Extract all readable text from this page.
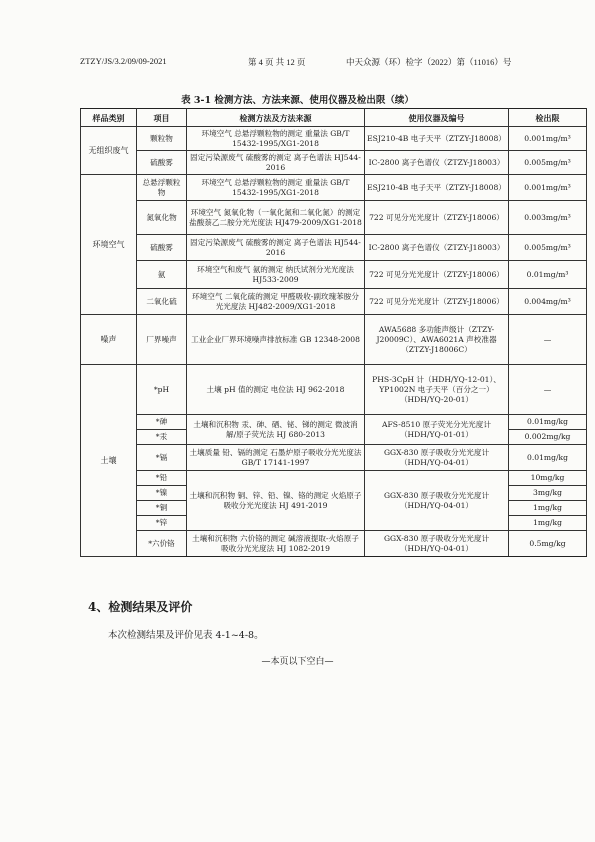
ZTZY/JS/3.2/09/09-2021	第 4 页 共 12 页	中天众源（环）检字（2022）第（11016）号
表 3-1 检测方法、方法来源、使用仪器及检出限（续）
样品类别	项目	检测方法及方法来源	使用仪器及编号	检出限
无组织废气	颗粒物	环境空气 总悬浮颗粒物的测定 重量法 GB/T 15432-1995/XG1-2018	ESJ210-4B 电子天平（ZTZY-J18008）	0.001mg/m³
	硫酸雾	固定污染源废气 硫酸雾的测定 离子色谱法 HJ544-2016	IC-2800 离子色谱仪（ZTZY-J18003）	0.005mg/m³
环境空气	总悬浮颗粒物	环境空气 总悬浮颗粒物的测定 重量法 GB/T 15432-1995/XG1-2018	ESJ210-4B 电子天平（ZTZY-J18008）	0.001mg/m³
	氮氧化物	环境空气 氮氧化物（一氧化氮和二氧化氮）的测定 盐酸萘乙二胺分光光度法 HJ479-2009/XG1-2018	722 可见分光光度计（ZTZY-J18006）	0.003mg/m³
	硫酸雾	固定污染源废气 硫酸雾的测定 离子色谱法 HJ544-2016	IC-2800 离子色谱仪（ZTZY-J18003）	0.005mg/m³
	氨	环境空气和废气 氨的测定 纳氏试剂分光光度法 HJ533-2009	722 可见分光光度计（ZTZY-J18006）	0.01mg/m³
	二氧化硫	环境空气 二氧化硫的测定 甲醛吸收-副玫瑰苯胺分光光度法 HJ482-2009/XG1-2018	722 可见分光光度计（ZTZY-J18006）	0.004mg/m³
噪声	厂界噪声	工业企业厂界环境噪声排放标准 GB 12348-2008	AWA5688 多功能声级计（ZTZY-J20009C）、AWA6021A 声校准器（ZTZY-J18006C）	—
土壤	*pH	土壤 pH 值的测定 电位法 HJ 962-2018	PHS-3CpH 计（HDH/YQ-12-01）、YP1002N 电子天平（百分之一）（HDH/YQ-20-01）	—
	*砷	土壤和沉积物 汞、砷、硒、铋、锑的测定 微波消解/原子荧光法 HJ 680-2013	AFS-8510 原子荧光分光光度计（HDH/YQ-01-01）	0.01mg/kg
	*汞			0.002mg/kg
	*镉	土壤质量 铅、镉的测定 石墨炉原子吸收分光光度法 GB/T 17141-1997	GGX-830 原子吸收分光光度计（HDH/YQ-04-01）	0.01mg/kg
	*铅	土壤和沉积物 铜、锌、铅、镍、铬的测定 火焰原子吸收分光光度法 HJ 491-2019	GGX-830 原子吸收分光光度计（HDH/YQ-04-01）	10mg/kg
	*镍			3mg/kg
	*铜			1mg/kg
	*锌			1mg/kg
	*六价铬	土壤和沉积物 六价铬的测定 碱溶液提取-火焰原子吸收分光光度法 HJ 1082-2019	GGX-830 原子吸收分光光度计（HDH/YQ-04-01）	0.5mg/kg
4、检测结果及评价
本次检测结果及评价见表 4-1~4-8。
—本页以下空白—
